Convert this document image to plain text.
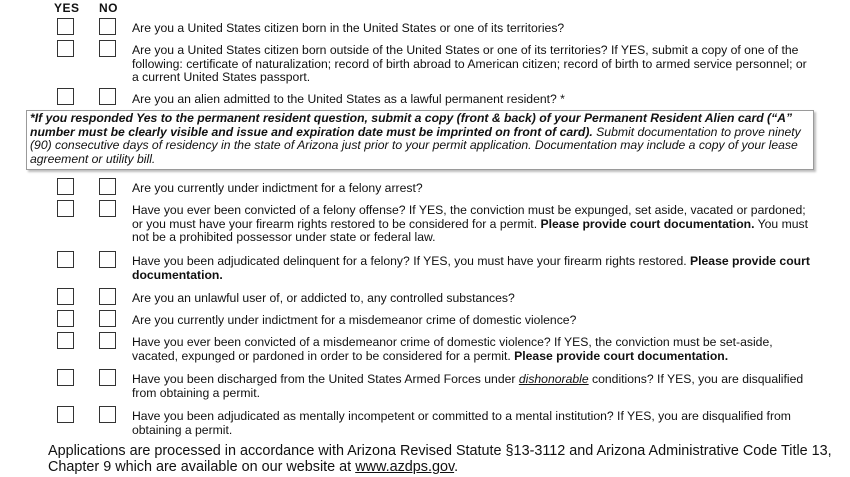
YES NO
Are you a United States citizen born in the United States or one of its territories?
Are you a United States citizen born outside of the United States or one of its territories? If YES, submit a copy of one of the following: certificate of naturalization; record of birth abroad to American citizen; record of birth to armed service personnel; or a current United States passport.
Are you an alien admitted to the United States as a lawful permanent resident? *
*If you responded Yes to the permanent resident question, submit a copy (front & back) of your Permanent Resident Alien card (“A” number must be clearly visible and issue and expiration date must be imprinted on front of card). Submit documentation to prove ninety (90) consecutive days of residency in the state of Arizona just prior to your permit application. Documentation may include a copy of your lease agreement or utility bill.
Are you currently under indictment for a felony arrest?
Have you ever been convicted of a felony offense? If YES, the conviction must be expunged, set aside, vacated or pardoned; or you must have your firearm rights restored to be considered for a permit. Please provide court documentation. You must not be a prohibited possessor under state or federal law.
Have you been adjudicated delinquent for a felony? If YES, you must have your firearm rights restored. Please provide court documentation.
Are you an unlawful user of, or addicted to, any controlled substances?
Are you currently under indictment for a misdemeanor crime of domestic violence?
Have you ever been convicted of a misdemeanor crime of domestic violence? If YES, the conviction must be set-aside, vacated, expunged or pardoned in order to be considered for a permit. Please provide court documentation.
Have you been discharged from the United States Armed Forces under dishonorable conditions? If YES, you are disqualified from obtaining a permit.
Have you been adjudicated as mentally incompetent or committed to a mental institution? If YES, you are disqualified from obtaining a permit.
Applications are processed in accordance with Arizona Revised Statute §13-3112 and Arizona Administrative Code Title 13, Chapter 9 which are available on our website at www.azdps.gov.
